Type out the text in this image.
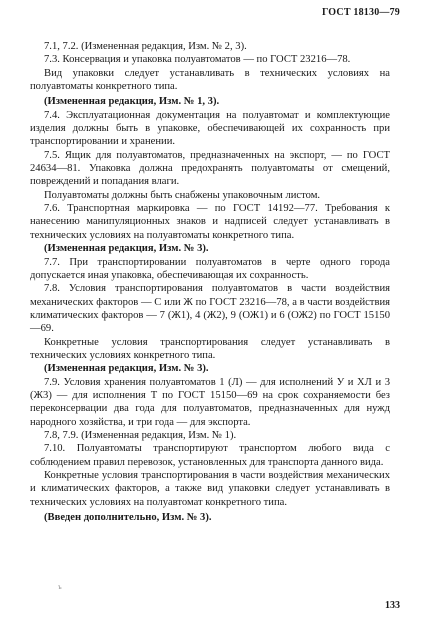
ГОСТ 18130—79

7.1, 7.2. (Измененная редакция, Изм. № 2, 3).

7.3. Консервация и упаковка полуавтоматов — по ГОСТ 23216—78.

Вид упаковки следует устанавливать в технических условиях на полуавтоматы конкретного типа.

(Измененная редакция, Изм. № 1, 3).

7.4. Эксплуатационная документация на полуавтомат и комплектующие изделия должны быть в упаковке, обеспечивающей их сохранность при транспортировании и хранении.

7.5. Ящик для полуавтоматов, предназначенных на экспорт, — по ГОСТ 24634—81. Упаковка должна предохранять полуавтоматы от смещений, повреждений и попадания влаги.

Полуавтоматы должны быть снабжены упаковочным листом.

7.6. Транспортная маркировка — по ГОСТ 14192—77. Требования к нанесению манипуляционных знаков и надписей следует устанавливать в технических условиях на полуавтоматы конкретного типа.

(Измененная редакция, Изм. № 3).

7.7. При транспортировании полуавтоматов в черте одного города допускается иная упаковка, обеспечивающая их сохранность.

7.8. Условия транспортирования полуавтоматов в части воздействия механических факторов — С или Ж по ГОСТ 23216—78, а в части воздействия климатических факторов — 7 (Ж1), 4 (Ж2), 9 (ОЖ1) и 6 (ОЖ2) по ГОСТ 15150—69.

Конкретные условия транспортирования следует устанавливать в технических условиях конкретного типа.

(Измененная редакция, Изм. № 3).

7.9. Условия хранения полуавтоматов 1 (Л) — для исполнений У и ХЛ и 3 (Ж3) — для исполнения Т по ГОСТ 15150—69 на срок сохраняемости без переконсервации два года для полуавтоматов, предназначенных для нужд народного хозяйства, и три года — для экспорта.

7.8, 7.9. (Измененная редакция, Изм. № 1).

7.10. Полуавтоматы транспортируют транспортом любого вида с соблюдением правил перевозок, установленных для транспорта данного вида.

Конкретные условия транспортирования в части воздействия механических и климатических факторов, а также вид упаковки следует устанавливать в технических условиях на полуавтомат конкретного типа.

(Введен дополнительно, Изм. № 3).

ъ
133
